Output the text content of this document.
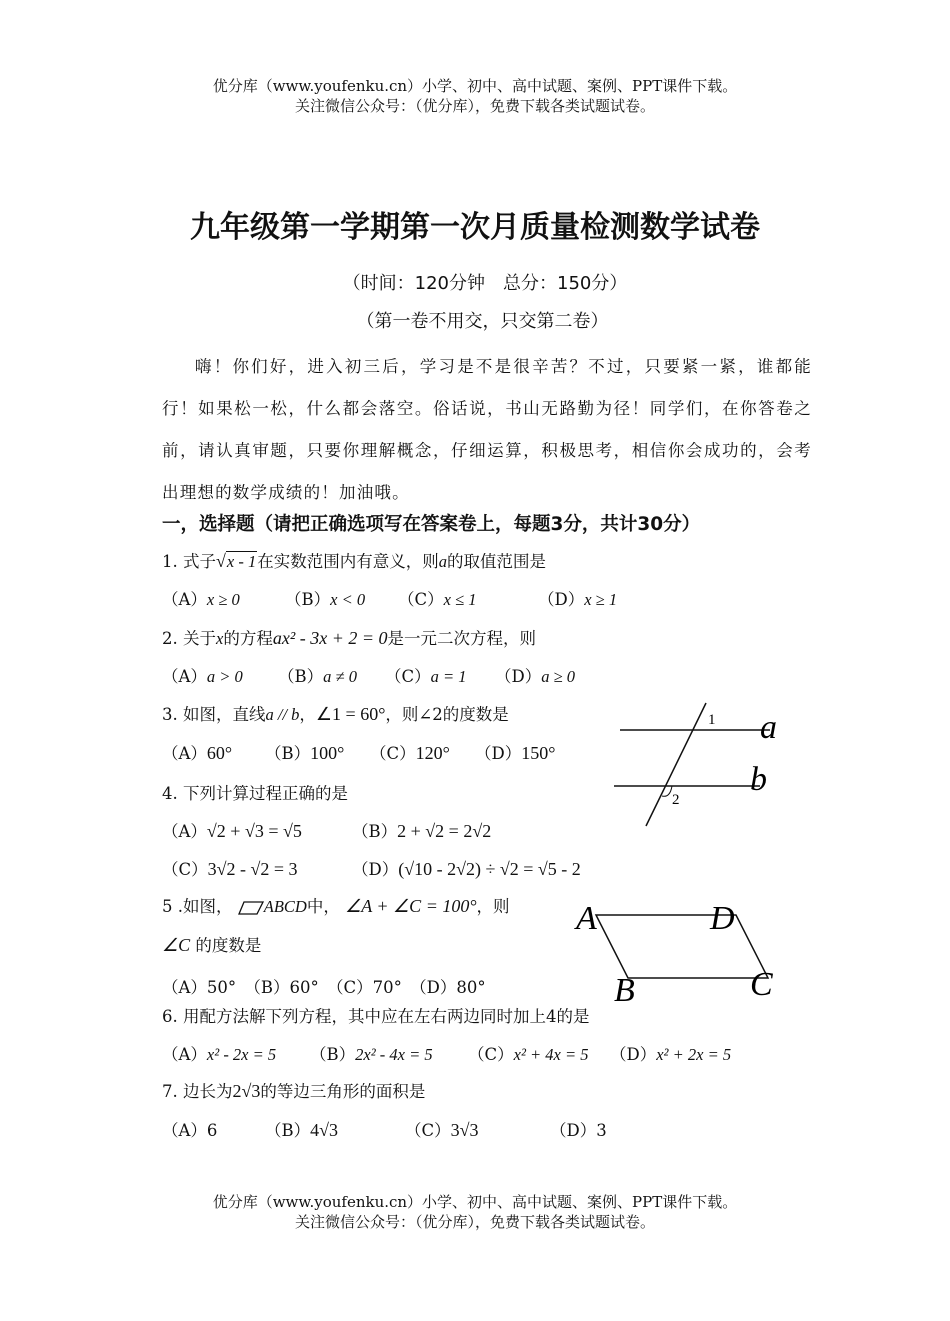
优分库（www.youfenku.cn）小学、初中、高中试题、案例、PPT课件下载。
关注微信公众号：（优分库），免费下载各类试题试卷。
九年级第一学期第一次月质量检测数学试卷
（时间：120分钟　总分：150分）
（第一卷不用交，只交第二卷）

嗨！你们好，进入初三后，学习是不是很辛苦？不过，只要紧一紧，谁都能行！如果松一松，什么都会落空。俗话说，书山无路勤为径！同学们，在你答卷之前，请认真审题，只要你理解概念，仔细运算，积极思考，相信你会成功的，会考出理想的数学成绩的！加油哦。

一，选择题（请把正确选项写在答案卷上，每题3分，共计30分）
1. 式子√x - 1在实数范围内有意义，则a的取值范围是
（A）x ≥ 0	（B）x < 0 （C）x ≤ 1	（D）x ≥ 1
2. 关于x的方程ax² - 3x + 2 = 0是一元二次方程，则
（A）a > 0 （B）a ≠ 0 （C）a = 1 （D）a ≥ 0
3. 如图，直线a // b，∠1 = 60°，则∠2的度数是
（A）60° （B）100° （C）120° （D）150°
1
2
a
b
4. 下列计算过程正确的是
（A）√2 + √3 = √5	（B）2 + √2 = 2√2
（C）3√2 - √2 = 3	（D）(√10 - 2√2) ÷ √2 = √5 - 2
5 .如图， ABCD中， ∠A + ∠C = 100°，则
∠C 的度数是
（A）50°　（B）60°　（C）70°　（D）80°
A	D
B	C
6. 用配方法解下列方程，其中应在左右两边同时加上4的是
（A）x² - 2x = 5 （B）2x² - 4x = 5 （C）x² + 4x = 5 （D）x² + 2x = 5
7. 边长为2√3的等边三角形的面积是
（A）6	（B）4√3	（C）3√3	（D）3
优分库（www.youfenku.cn）小学、初中、高中试题、案例、PPT课件下载。
关注微信公众号：（优分库），免费下载各类试题试卷。
